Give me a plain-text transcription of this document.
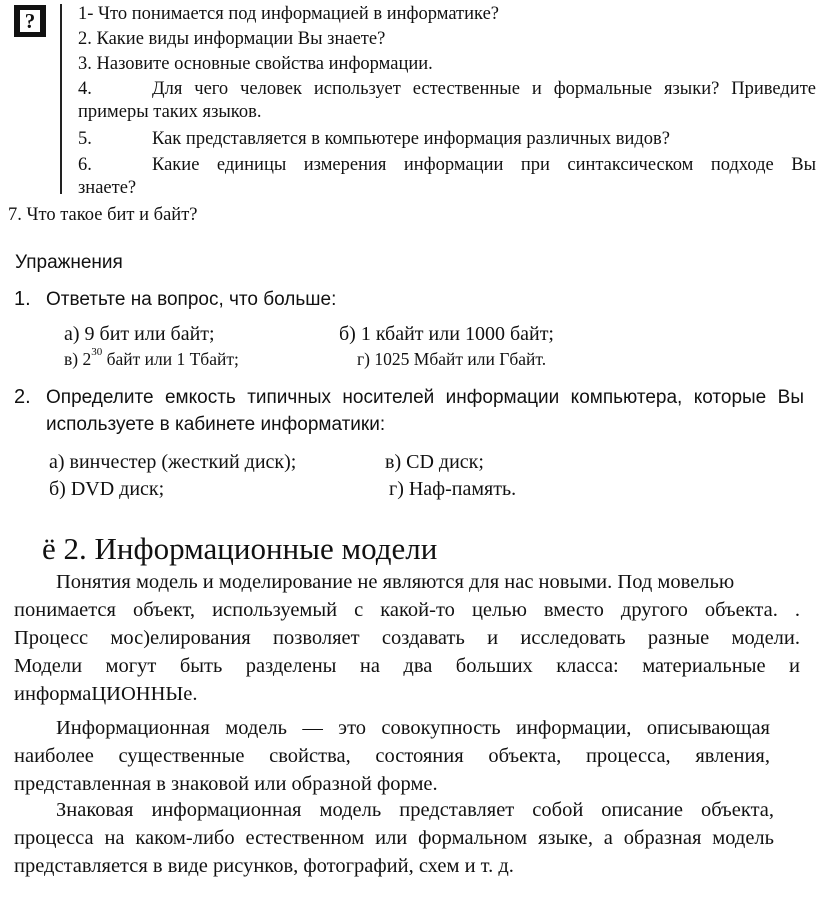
? 1- Что понимается под информацией в информатике?
2. Какие виды информации Вы знаете?
3. Назовите основные свойства информации.
4.	Для чего человек использует естественные и формальные языки? Приведите
примеры таких языков.
5.	Как представляется в компьютере информация различных видов?
6.	Какие единицы измерения информации при синтаксическом подходе Вы
знаете?
7. Что такое бит и байт?
Упражнения
1. Ответьте на вопрос, что больше:
а) 9 бит или байт;	б) 1 кбайт или 1000 байт;
в) $2^{30}$ байт или 1 Тбайт;	г) 1025 Мбайт или Гбайт.
2. Определите емкость типичных носителей информации компьютера, которые Вы
используете в кабинете информатики:
а) винчестер (жесткий диск);	в) CD диск;
б) DVD диск;	г) Наф-память.
ё 2. Информационные модели
Понятия модель и моделирование не являются для нас новыми. Под мовелью
понимается объект, используемый с какой-то целью вместо другого объекта. .
Процесс мос)елирования позволяет создавать и исследовать разные модели.
Модели могут быть разделены на два больших класса: материальные и
информаЦИОННЫе.
Информационная модель — это совокупность информации, описывающая
наиболее существенные свойства, состояния объекта, процесса, явления,
представленная в знаковой или образной форме.
Знаковая информационная модель представляет собой описание объекта,
процесса на каком-либо естественном или формальном языке, а образная модель
представляется в виде рисунков, фотографий, схем и т. д.
